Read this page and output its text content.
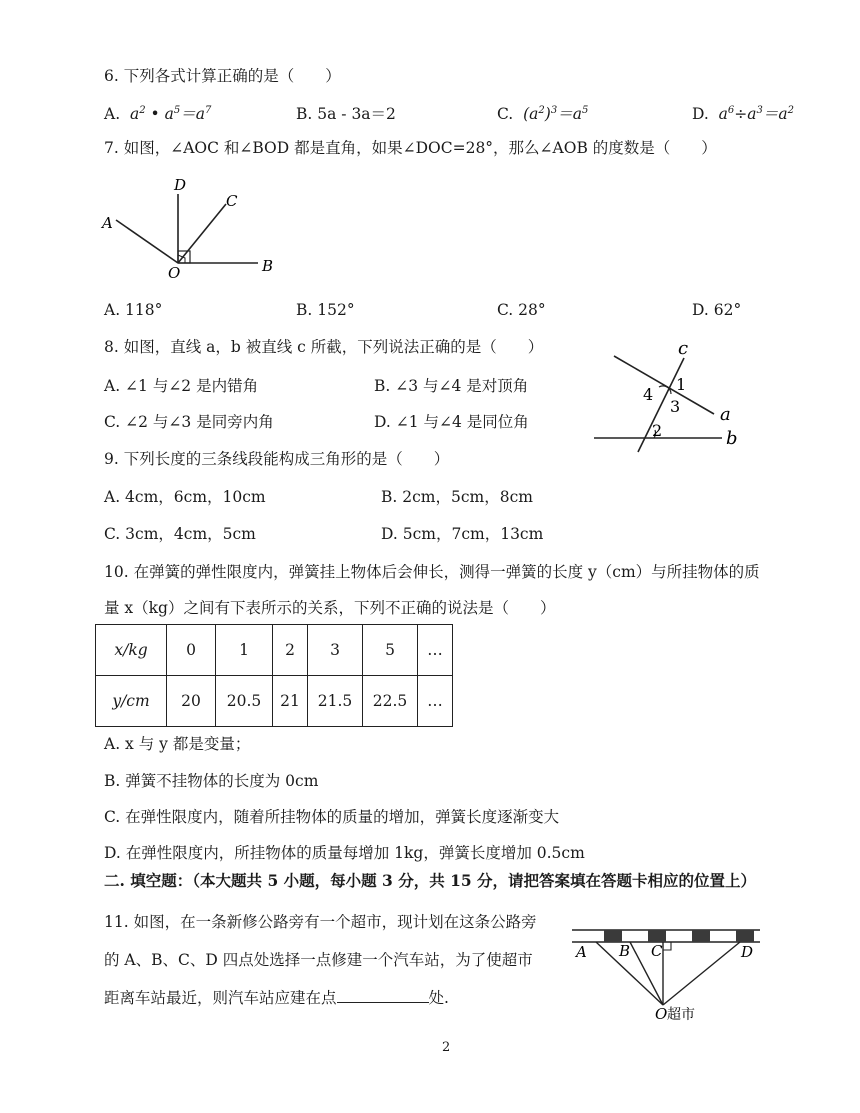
6. 下列各式计算正确的是（　　）
A. $a^2$ • $a^5=a^7$	B. 5a - 3a＝2	C. $(a^2)^3=a^5$	D. $a^6\div a^3=a^2$
7. 如图，∠AOC 和∠BOD 都是直角，如果∠DOC=28°，那么∠AOB 的度数是（　　）
D
C
A
O	B
A. 118°	B. 152°	C. 28°	D. 62°
8. 如图，直线 a，b 被直线 c 所截，下列说法正确的是（　　）
A. ∠1 与∠2 是内错角	B. ∠3 与∠4 是对顶角
C. ∠2 与∠3 是同旁内角	D. ∠1 与∠4 是同位角
c
a
b
1
2
3
4
9. 下列长度的三条线段能构成三角形的是（　　）
A. 4cm，6cm，10cm	B. 2cm，5cm，8cm
C. 3cm，4cm，5cm	D. 5cm，7cm，13cm
10. 在弹簧的弹性限度内，弹簧挂上物体后会伸长，测得一弹簧的长度 y（cm）与所挂物体的质
量 x（kg）之间有下表所示的关系，下列不正确的说法是（　　）
x/kg	0	1	2	3	5	…
y/cm	20	20.5	21	21.5	22.5	…
A. x 与 y 都是变量；
B. 弹簧不挂物体的长度为 0cm
C. 在弹性限度内，随着所挂物体的质量的增加，弹簧长度逐渐变大
D. 在弹性限度内，所挂物体的质量每增加 1kg，弹簧长度增加 0.5cm
二. 填空题：（本大题共 5 小题，每小题 3 分，共 15 分，请把答案填在答题卡相应的位置上）
11. 如图，在一条新修公路旁有一个超市，现计划在这条公路旁
的 A、B、C、D 四点处选择一点修建一个汽车站，为了使超市
距离车站最近，则汽车站应建在点	处.
A B C	D
O 超市
2
